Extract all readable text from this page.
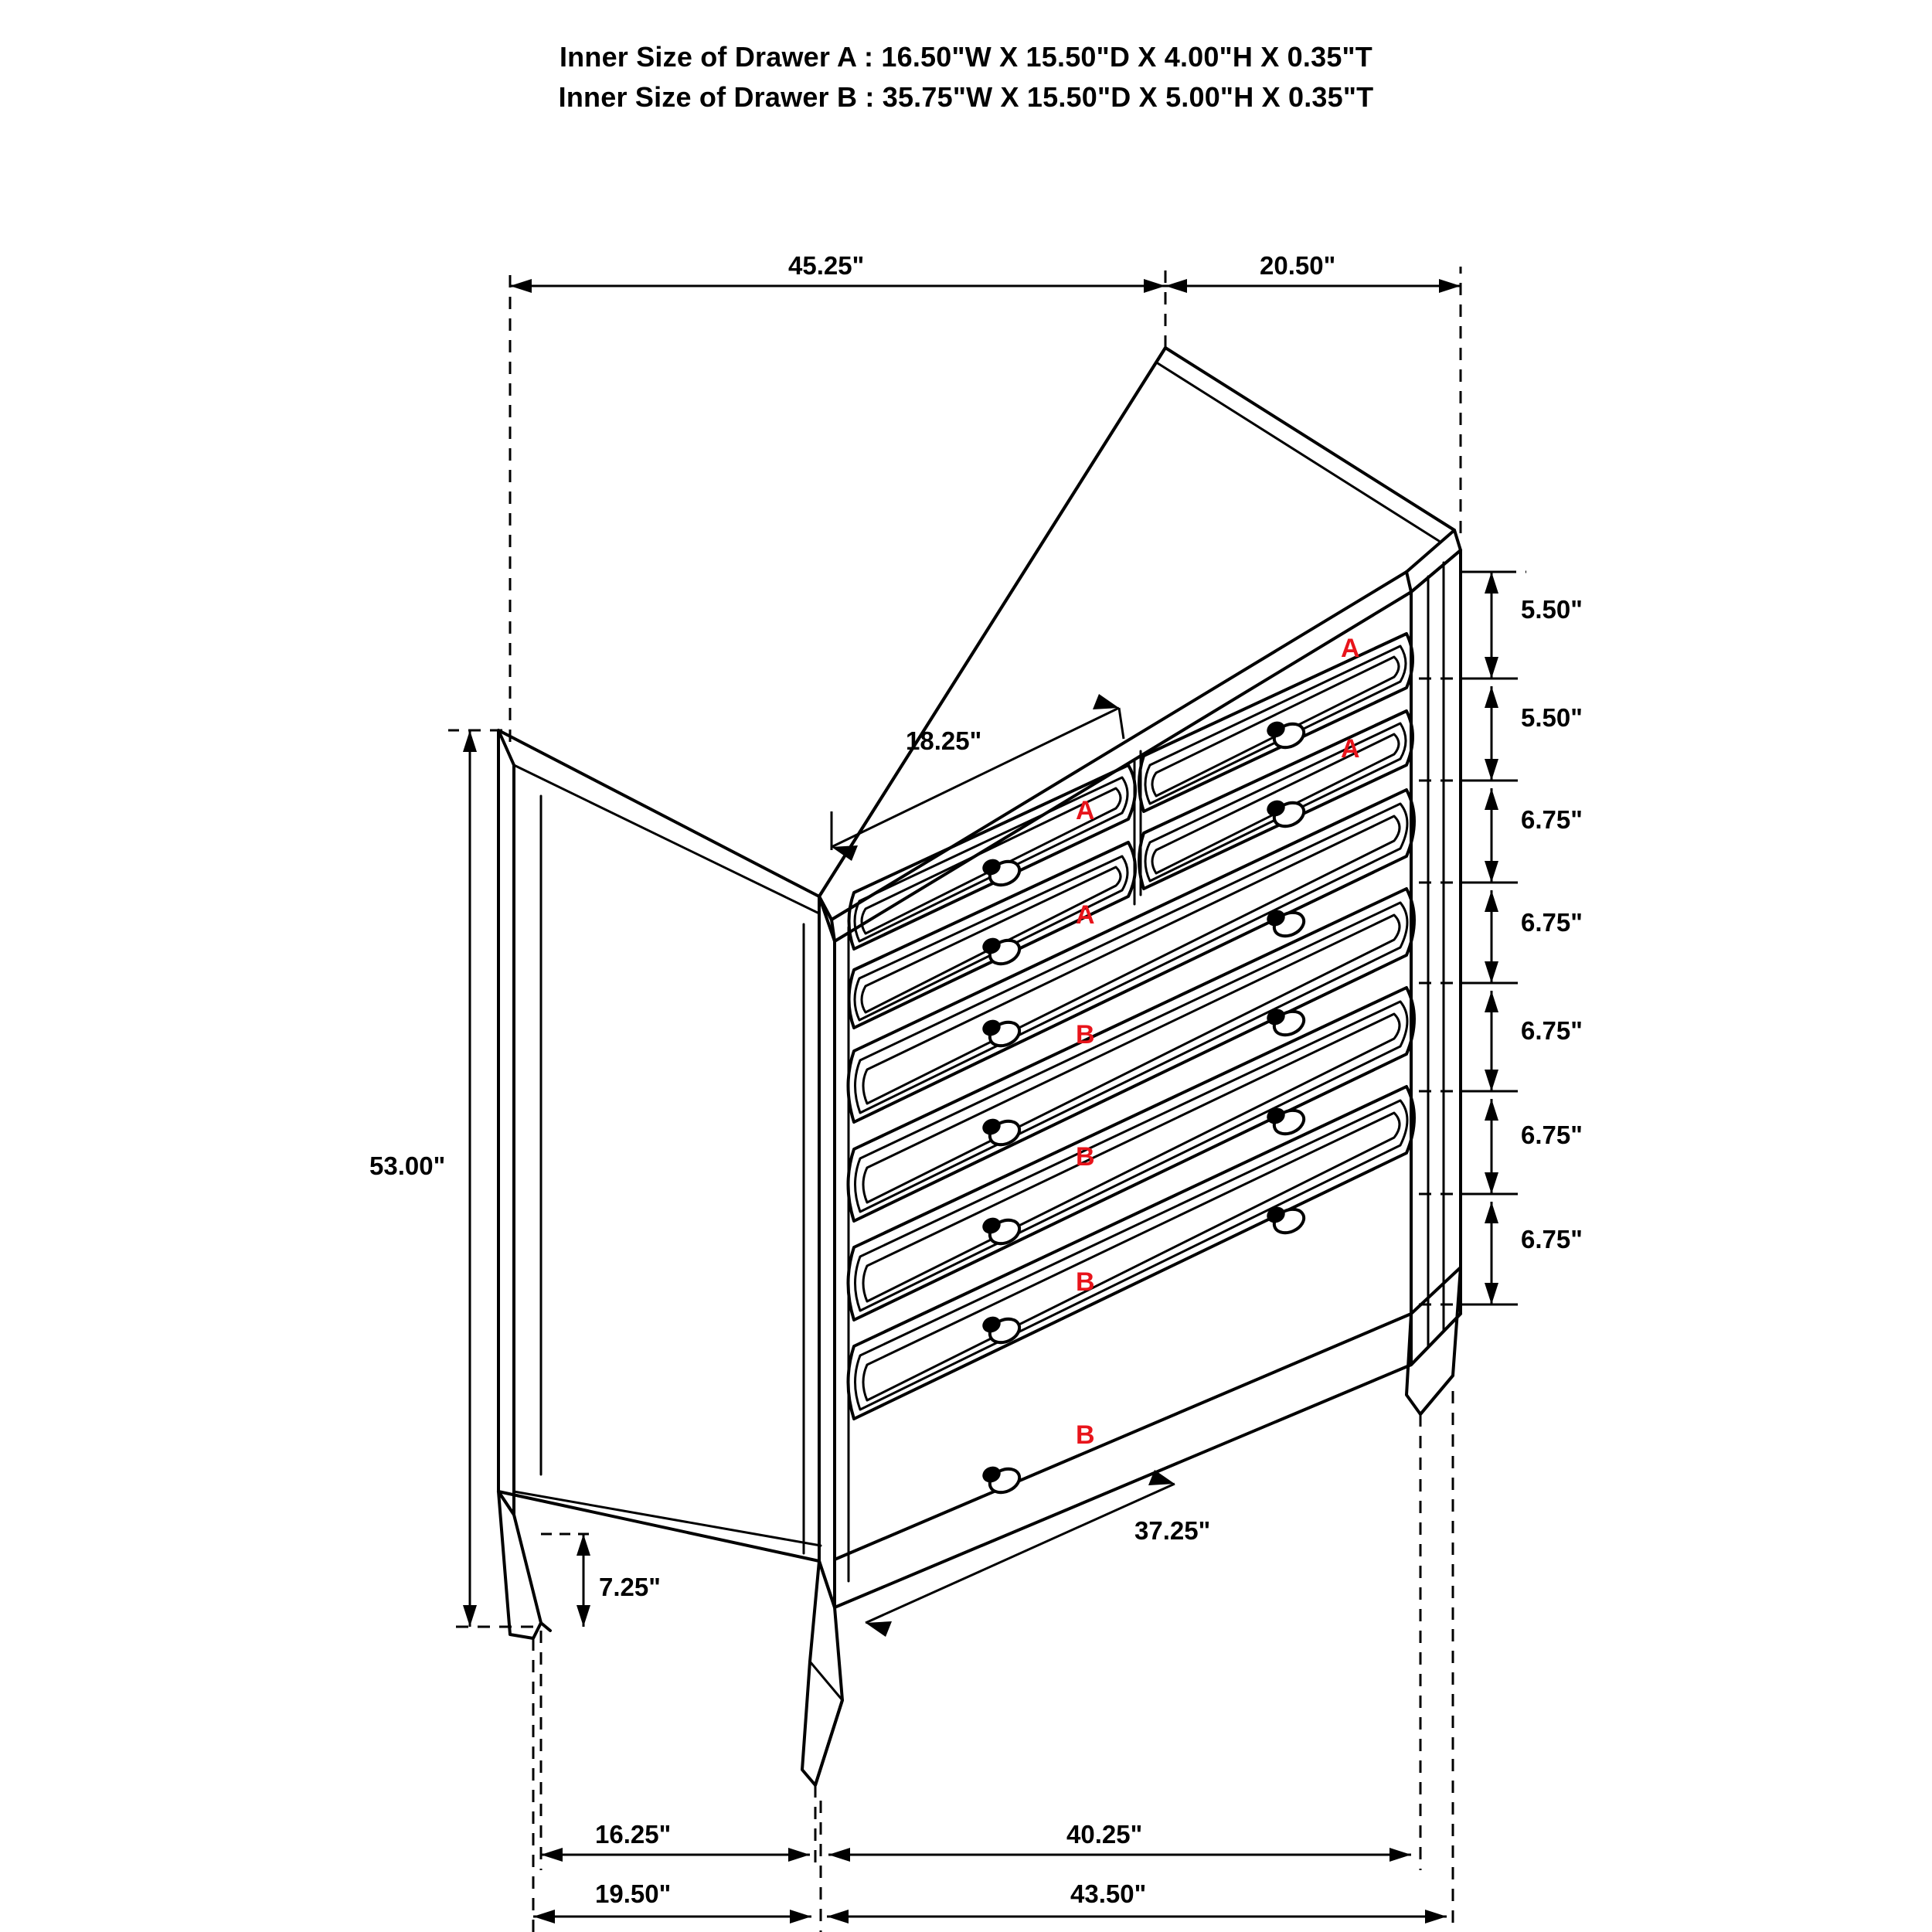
Inner Size of Drawer A : 16.50"W X 15.50"D X 4.00"H X 0.35"T
Inner Size of Drawer B : 35.75"W X 15.50"D X 5.00"H X 0.35"T
45.25"	20.50"
5.50"
5.50"
6.75"
6.75"
6.75"
6.75"
6.75"
53.00"
7.25"
18.25"
37.25"
16.25"	40.25"
19.50"	43.50"
A
A
A
A
B
B
B
B
